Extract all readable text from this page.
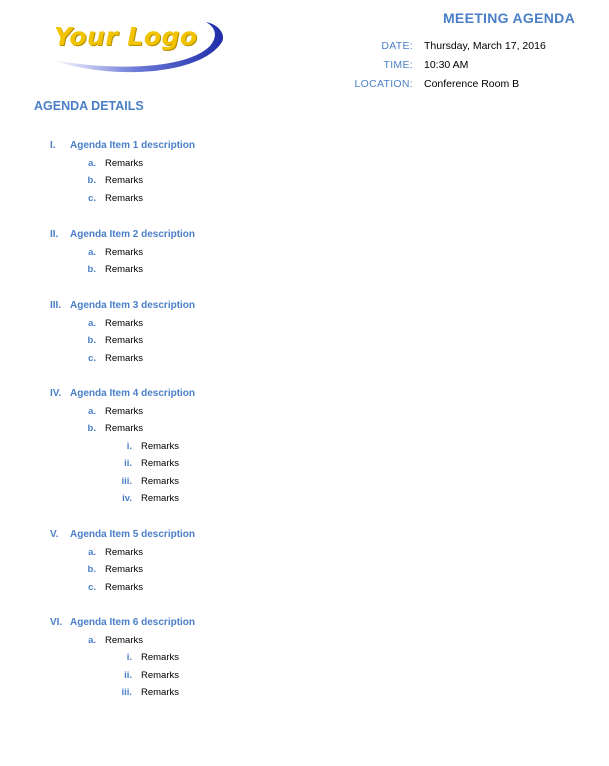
Your Logo
MEETING AGENDA
DATE:	Thursday, March 17, 2016
TIME:	10:30 AM
LOCATION:	Conference Room B
AGENDA DETAILS
I. Agenda Item 1 description
a. Remarks
b. Remarks
c. Remarks
II. Agenda Item 2 description
a. Remarks
b. Remarks
III. Agenda Item 3 description
a. Remarks
b. Remarks
c. Remarks
IV. Agenda Item 4 description
a. Remarks
b. Remarks
i. Remarks
ii. Remarks
iii. Remarks
iv. Remarks
V. Agenda Item 5 description
a. Remarks
b. Remarks
c. Remarks
VI. Agenda Item 6 description
a. Remarks
i. Remarks
ii. Remarks
iii. Remarks
